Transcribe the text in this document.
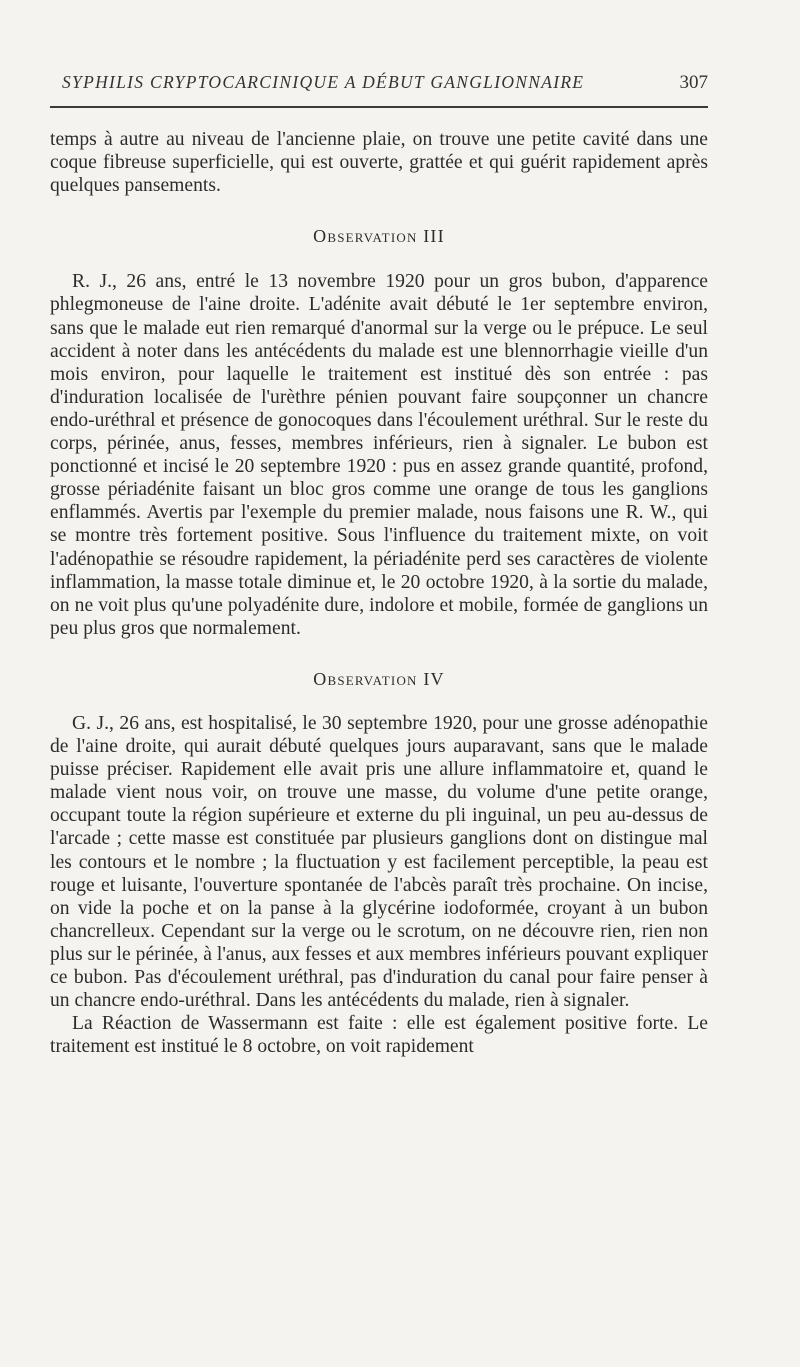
SYPHILIS CRYPTOCARCINIQUE A DÉBUT GANGLIONNAIRE	307

temps à autre au niveau de l'ancienne plaie, on trouve une petite cavité dans une coque fibreuse superficielle, qui est ouverte, grattée et qui guérit rapidement après quelques pansements.

Observation III

R. J., 26 ans, entré le 13 novembre 1920 pour un gros bubon, d'apparence phlegmoneuse de l'aine droite. L'adénite avait débuté le 1er septembre environ, sans que le malade eut rien remarqué d'anormal sur la verge ou le prépuce. Le seul accident à noter dans les antécédents du malade est une blennorrhagie vieille d'un mois environ, pour laquelle le traitement est institué dès son entrée : pas d'induration localisée de l'urèthre pénien pouvant faire soupçonner un chancre endo-uréthral et présence de gonocoques dans l'écoulement uréthral. Sur le reste du corps, périnée, anus, fesses, membres inférieurs, rien à signaler. Le bubon est ponctionné et incisé le 20 septembre 1920 : pus en assez grande quantité, profond, grosse périadénite faisant un bloc gros comme une orange de tous les ganglions enflammés. Avertis par l'exemple du premier malade, nous faisons une R. W., qui se montre très fortement positive. Sous l'influence du traitement mixte, on voit l'adénopathie se résoudre rapidement, la périadénite perd ses caractères de violente inflammation, la masse totale diminue et, le 20 octobre 1920, à la sortie du malade, on ne voit plus qu'une polyadénite dure, indolore et mobile, formée de ganglions un peu plus gros que normalement.

Observation IV

G. J., 26 ans, est hospitalisé, le 30 septembre 1920, pour une grosse adénopathie de l'aine droite, qui aurait débuté quelques jours auparavant, sans que le malade puisse préciser. Rapidement elle avait pris une allure inflammatoire et, quand le malade vient nous voir, on trouve une masse, du volume d'une petite orange, occupant toute la région supérieure et externe du pli inguinal, un peu au-dessus de l'arcade ; cette masse est constituée par plusieurs ganglions dont on distingue mal les contours et le nombre ; la fluctuation y est facilement perceptible, la peau est rouge et luisante, l'ouverture spontanée de l'abcès paraît très prochaine. On incise, on vide la poche et on la panse à la glycérine iodoformée, croyant à un bubon chancrelleux. Cependant sur la verge ou le scrotum, on ne découvre rien, rien non plus sur le périnée, à l'anus, aux fesses et aux membres inférieurs pouvant expliquer ce bubon. Pas d'écoulement uréthral, pas d'induration du canal pour faire penser à un chancre endo-uréthral. Dans les antécédents du malade, rien à signaler.

La Réaction de Wassermann est faite : elle est également positive forte. Le traitement est institué le 8 octobre, on voit rapidement
